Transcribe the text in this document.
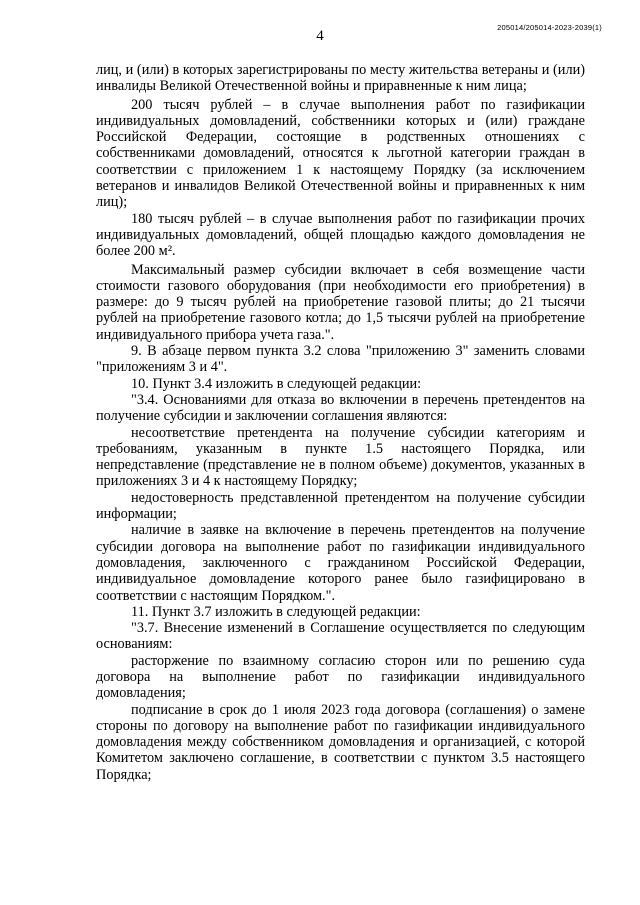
4
205014/205014-2023-2039(1)

лиц, и (или) в которых зарегистрированы по месту жительства ветераны и (или) инвалиды Великой Отечественной войны и приравненные к ним лица;

200 тысяч рублей – в случае выполнения работ по газификации индивидуальных домовладений, собственники которых и (или) граждане Российской Федерации, состоящие в родственных отношениях с собственниками домовладений, относятся к льготной категории граждан в соответствии с приложением 1 к настоящему Порядку (за исключением ветеранов и инвалидов Великой Отечественной войны и приравненных к ним лиц);

180 тысяч рублей – в случае выполнения работ по газификации прочих индивидуальных домовладений, общей площадью каждого домовладения не более 200 м².

Максимальный размер субсидии включает в себя возмещение части стоимости газового оборудования (при необходимости его приобретения) в размере: до 9 тысяч рублей на приобретение газовой плиты; до 21 тысячи рублей на приобретение газового котла; до 1,5 тысячи рублей на приобретение индивидуального прибора учета газа.".

9. В абзаце первом пункта 3.2 слова "приложению 3" заменить словами "приложениям 3 и 4".

10. Пункт 3.4 изложить в следующей редакции:

"3.4. Основаниями для отказа во включении в перечень претендентов на получение субсидии и заключении соглашения являются:

несоответствие претендента на получение субсидии категориям и требованиям, указанным в пункте 1.5 настоящего Порядка, или непредставление (представление не в полном объеме) документов, указанных в приложениях 3 и 4 к настоящему Порядку;

недостоверность представленной претендентом на получение субсидии информации;

наличие в заявке на включение в перечень претендентов на получение субсидии договора на выполнение работ по газификации индивидуального домовладения, заключенного с гражданином Российской Федерации, индивидуальное домовладение которого ранее было газифицировано в соответствии с настоящим Порядком.".

11. Пункт 3.7 изложить в следующей редакции:

"3.7. Внесение изменений в Соглашение осуществляется по следующим основаниям:

расторжение по взаимному согласию сторон или по решению суда договора на выполнение работ по газификации индивидуального домовладения;

подписание в срок до 1 июля 2023 года договора (соглашения) о замене стороны по договору на выполнение работ по газификации индивидуального домовладения между собственником домовладения и организацией, с которой Комитетом заключено соглашение, в соответствии с пунктом 3.5 настоящего Порядка;
